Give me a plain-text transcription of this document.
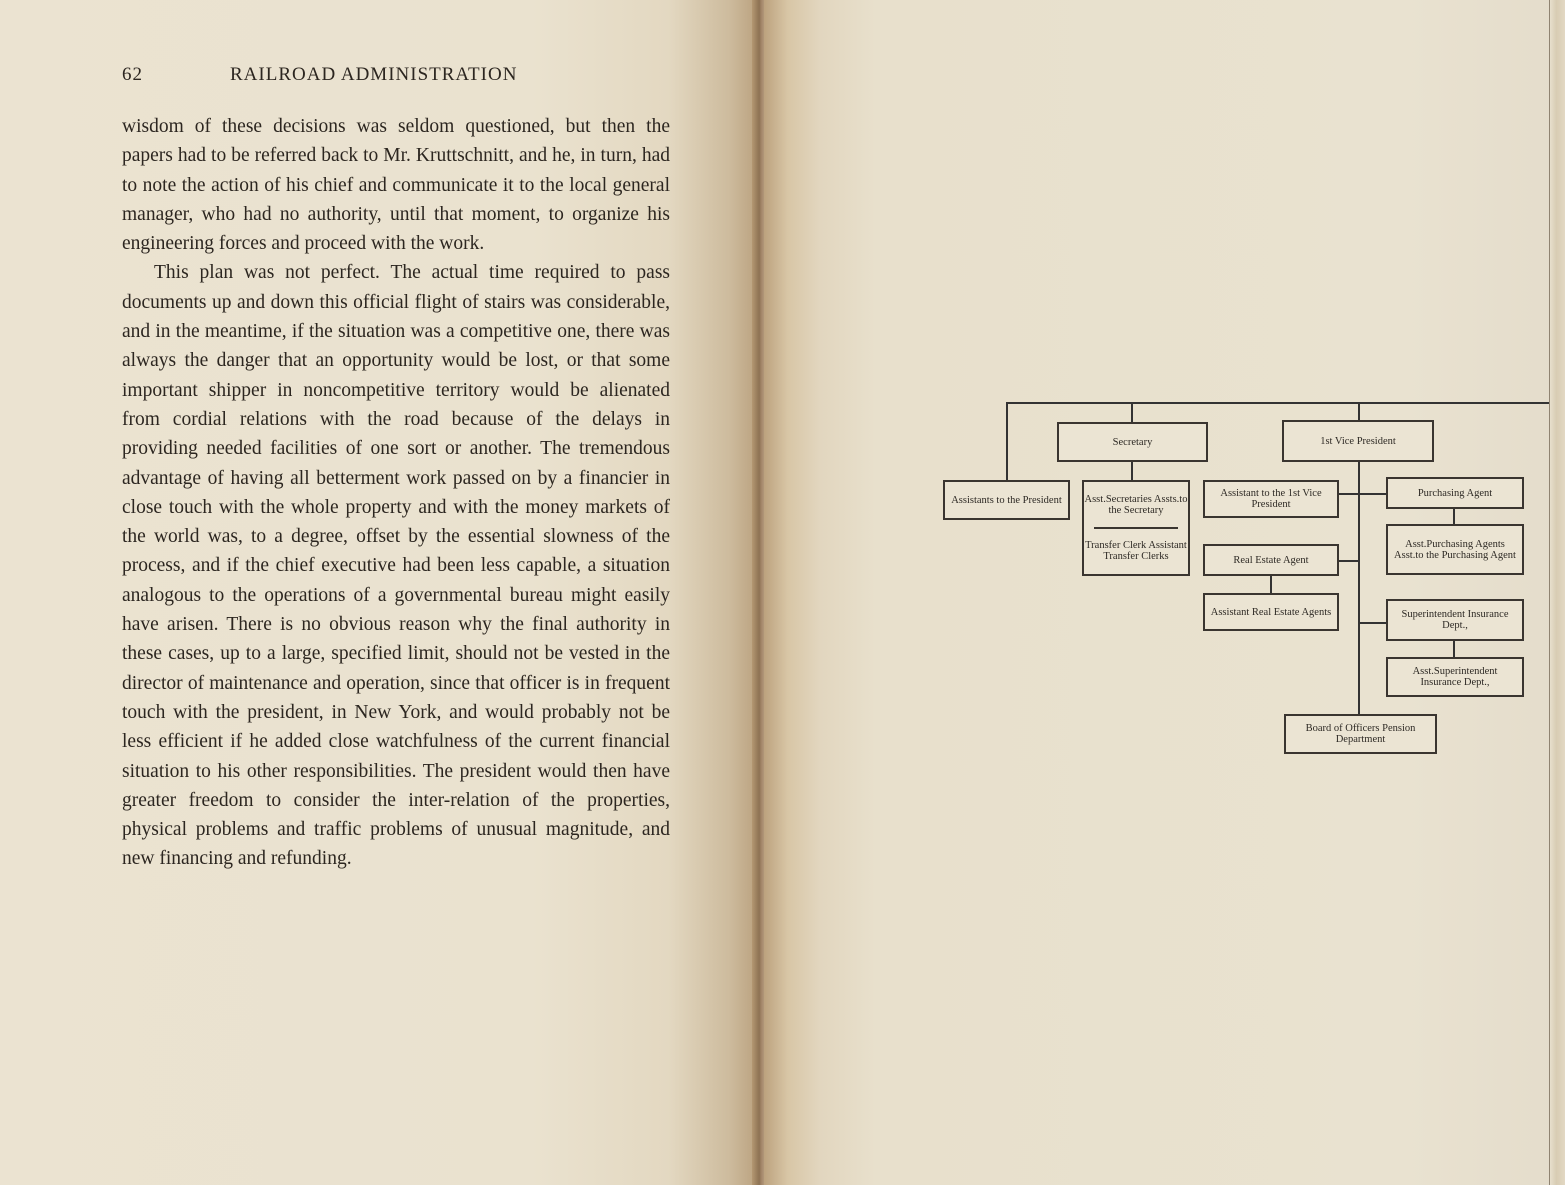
62	RAILROAD ADMINISTRATION

wisdom of these decisions was seldom questioned, but then the papers had to be referred back to Mr. Kruttschnitt, and he, in turn, had to note the action of his chief and communicate it to the local general manager, who had no authority, until that moment, to organize his engineering forces and proceed with the work.

This plan was not perfect. The actual time required to pass documents up and down this official flight of stairs was considerable, and in the meantime, if the situation was a competitive one, there was always the danger that an opportunity would be lost, or that some important shipper in noncompetitive territory would be alienated from cordial relations with the road because of the delays in providing needed facilities of one sort or another. The tremendous advantage of having all betterment work passed on by a financier in close touch with the whole property and with the money markets of the world was, to a degree, offset by the essential slowness of the process, and if the chief executive had been less capable, a situation analogous to the operations of a governmental bureau might easily have arisen. There is no obvious reason why the final authority in these cases, up to a large, specified limit, should not be vested in the director of maintenance and operation, since that officer is in frequent touch with the president, in New York, and would probably not be less efficient if he added close watchfulness of the current financial situation to his other responsibilities. The president would then have greater freedom to consider the inter-relation of the properties, physical problems and traffic problems of unusual magnitude, and new financing and refunding.

Secretary	1st Vice President
Assistants to the President	Asst.Secretaries Assts.to the Secretary
Transfer Clerk Assistant Transfer Clerks
Assistant to the 1st Vice President
Purchasing Agent
Asst.Purchasing Agents Asst.to the Purchasing Agent
Real Estate Agent
Assistant Real Estate Agents	Superintendent Insurance Dept.,
Asst.Superintendent Insurance Dept.,
Board of Officers Pension Department
